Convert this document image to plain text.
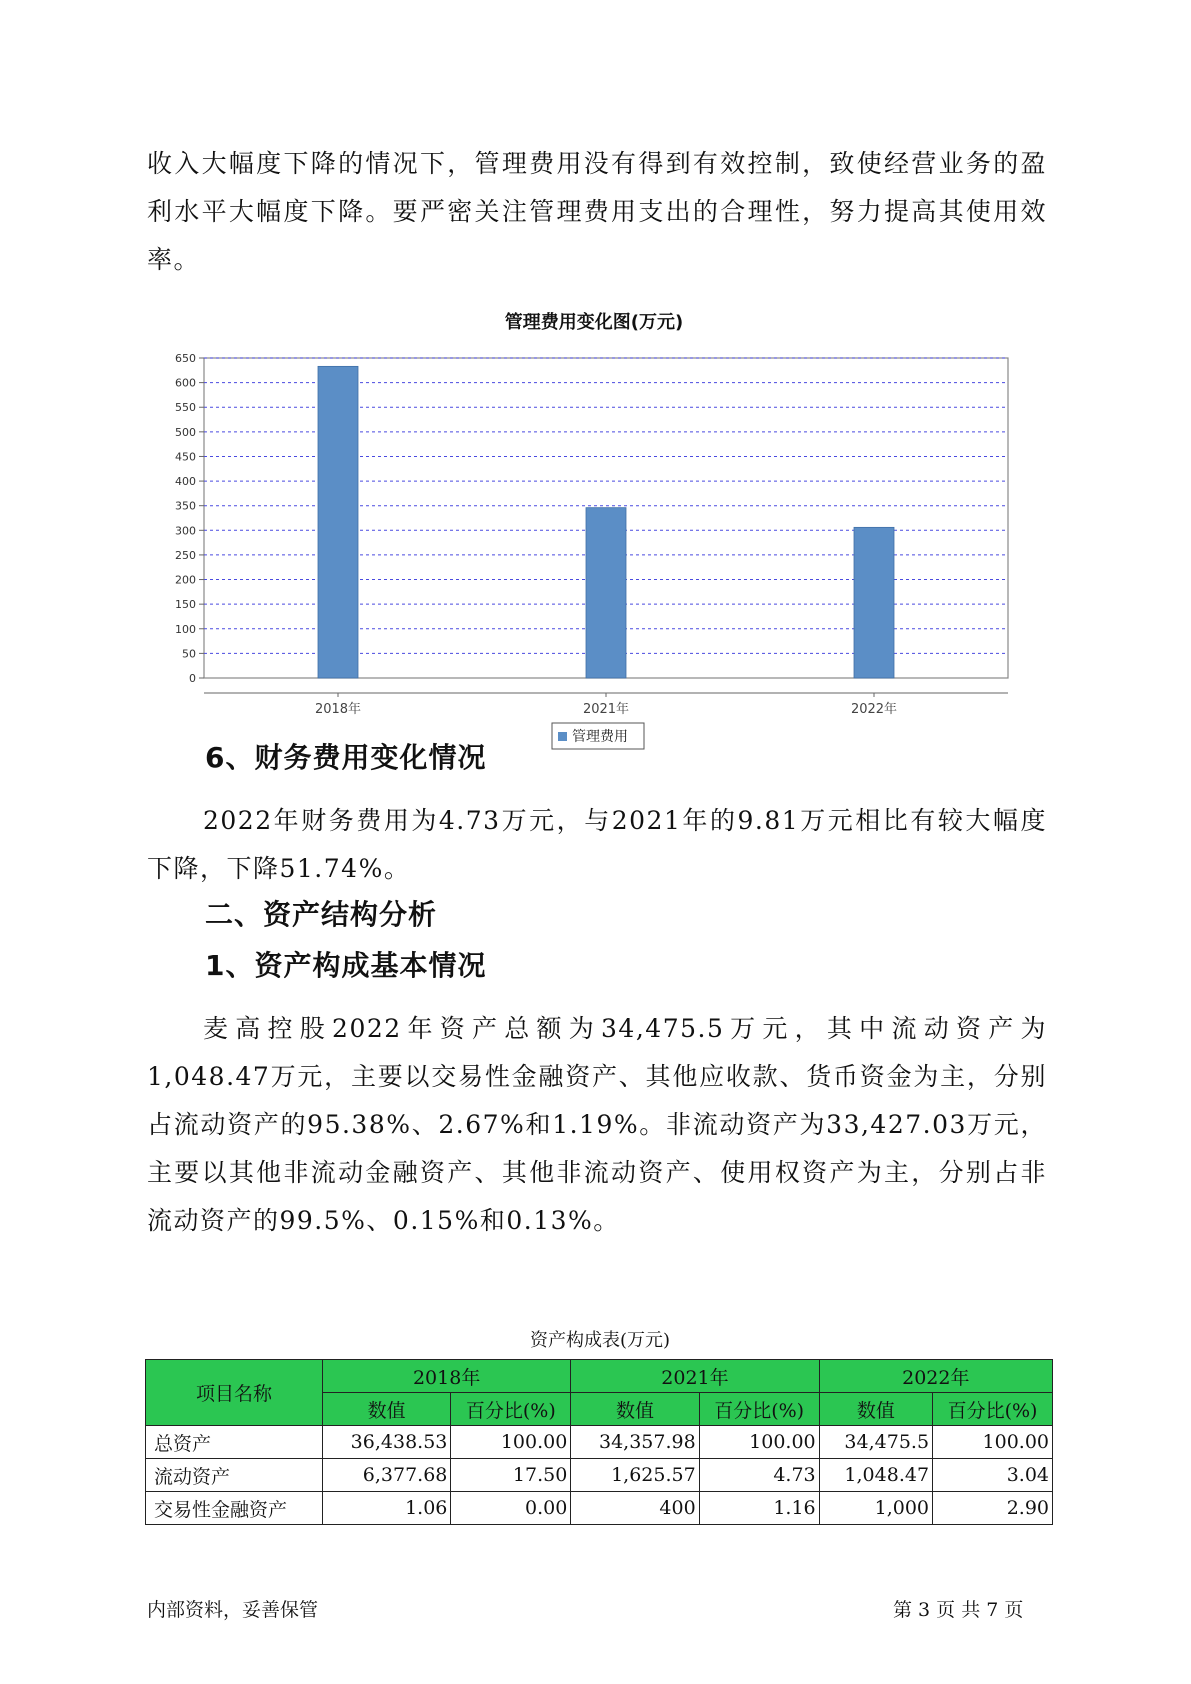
收入大幅度下降的情况下，管理费用没有得到有效控制，致使经营业务的盈利水平大幅度下降。要严密关注管理费用支出的合理性，努力提高其使用效率。

管理费用变化图(万元)
0
50
100
150
200
250
300
350
400
450
500
550
600
650
2018年	2021年	2022年
管理费用

6、财务费用变化情况

2022年财务费用为4.73万元，与2021年的9.81万元相比有较大幅度下降，下降51.74%。

二、资产结构分析

1、资产构成基本情况

麦高控股2022年资产总额为34,475.5万元，其中流动资产为1,048.47万元，主要以交易性金融资产、其他应收款、货币资金为主，分别占流动资产的95.38%、2.67%和1.19%。非流动资产为33,427.03万元，主要以其他非流动金融资产、其他非流动资产、使用权资产为主，分别占非流动资产的99.5%、0.15%和0.13%。

资产构成表(万元)
项目名称	2018年		2021年		2022年	
	数值	百分比(%)	数值	百分比(%)	数值	百分比(%)
总资产	36,438.53	100.00	34,357.98	100.00	34,475.5	100.00
流动资产	6,377.68	17.50	1,625.57	4.73	1,048.47	3.04
交易性金融资产	1.06	0.00	400	1.16	1,000	2.90
内部资料，妥善保管	第 3 页 共 7 页
